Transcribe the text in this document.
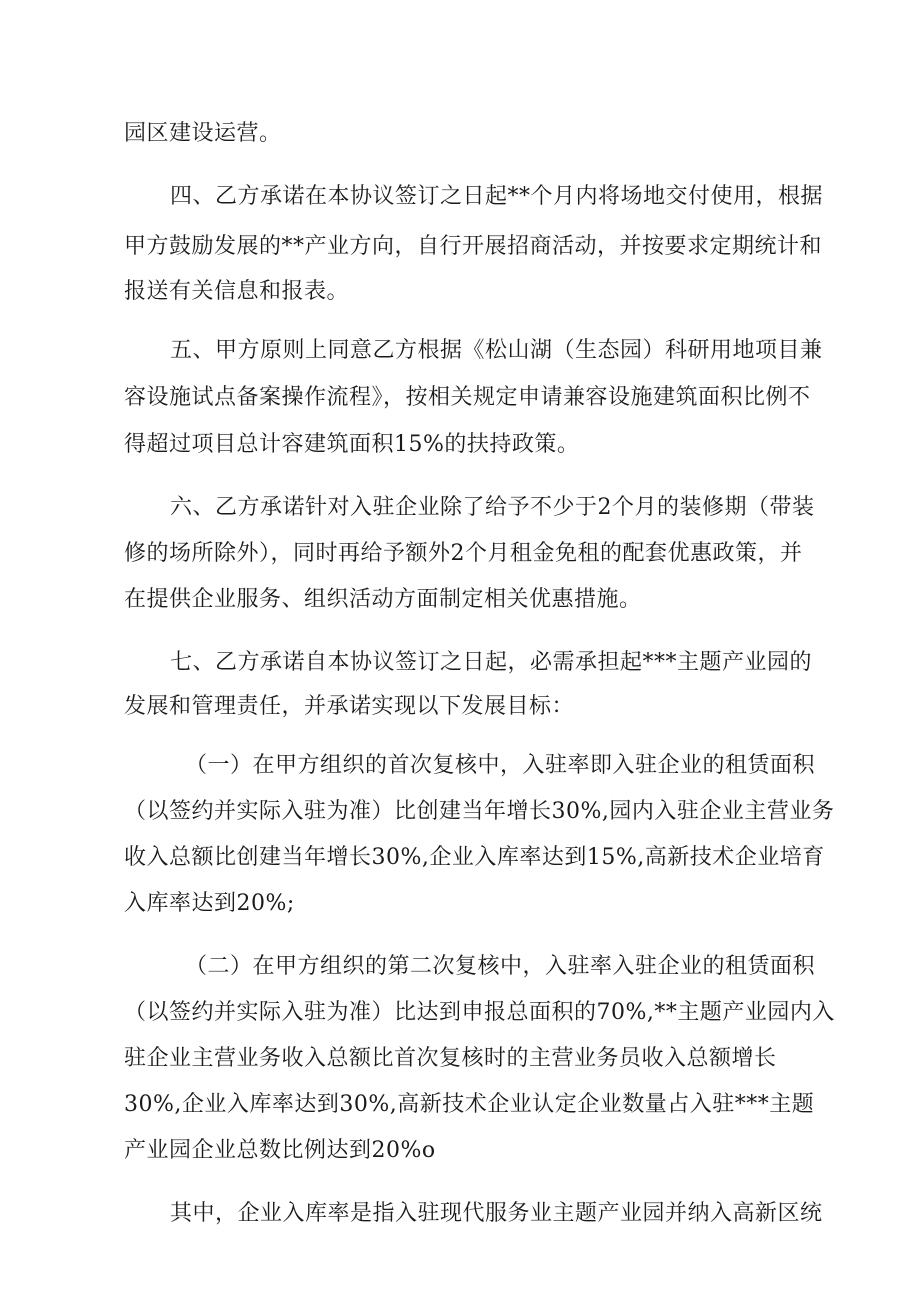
园区建设运营。
四、乙方承诺在本协议签订之日起**个月内将场地交付使用，根据
甲方鼓励发展的**产业方向，自行开展招商活动，并按要求定期统计和
报送有关信息和报表。
五、甲方原则上同意乙方根据《松山湖（生态园）科研用地项目兼
容设施试点备案操作流程》，按相关规定申请兼容设施建筑面积比例不
得超过项目总计容建筑面积15%的扶持政策。
六、乙方承诺针对入驻企业除了给予不少于2个月的装修期（带装
修的场所除外），同时再给予额外2个月租金免租的配套优惠政策，并
在提供企业服务、组织活动方面制定相关优惠措施。
七、乙方承诺自本协议签订之日起，必需承担起***主题产业园的
发展和管理责任，并承诺实现以下发展目标：
（一）在甲方组织的首次复核中，入驻率即入驻企业的租赁面积
（以签约并实际入驻为准）比创建当年增长30%,园内入驻企业主营业务
收入总额比创建当年增长30%,企业入库率达到15%,高新技术企业培育
入库率达到20%;
（二）在甲方组织的第二次复核中，入驻率入驻企业的租赁面积
（以签约并实际入驻为准）比达到申报总面积的70%,**主题产业园内入
驻企业主营业务收入总额比首次复核时的主营业务员收入总额增长
30%,企业入库率达到30%,高新技术企业认定企业数量占入驻***主题
产业园企业总数比例达到20%o
其中，企业入库率是指入驻现代服务业主题产业园并纳入高新区统
